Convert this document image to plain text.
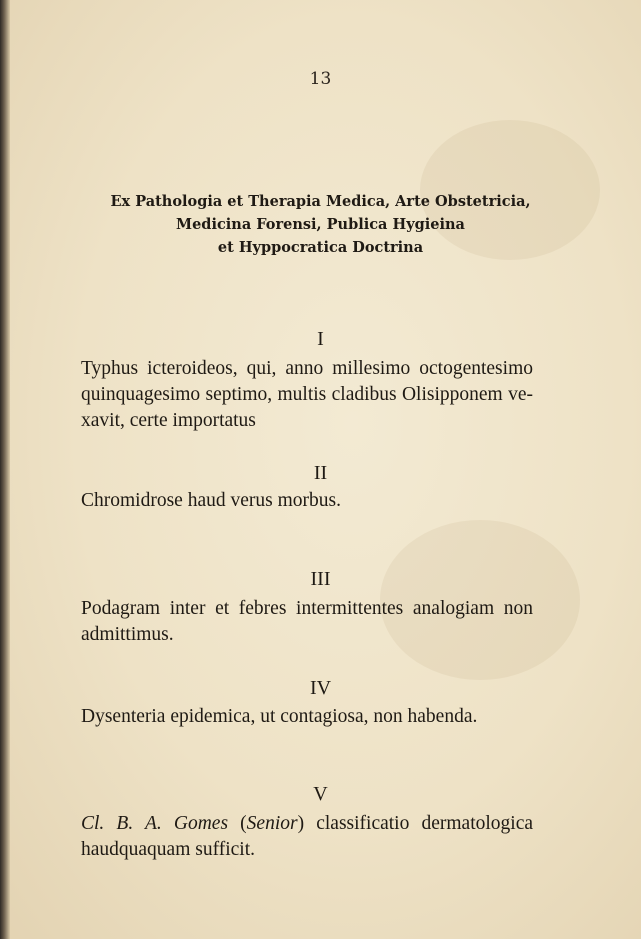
13
Ex Pathologia et Therapia Medica, Arte Obstetricia,
Medicina Forensi, Publica Hygieina
et Hyppocratica Doctrina
I
Typhus icteroideos, qui, anno millesimo octogentesimo
quinquagesimo septimo, multis cladibus Olisipponem ve-
xavit, certe importatus
II
Chromidrose haud verus morbus.
III
Podagram inter et febres intermittentes analogiam non
admittimus.
IV
Dysenteria epidemica, ut contagiosa, non habenda.
V
Cl. B. A. Gomes (Senior) classificatio dermatologica
haudquaquam sufficit.
